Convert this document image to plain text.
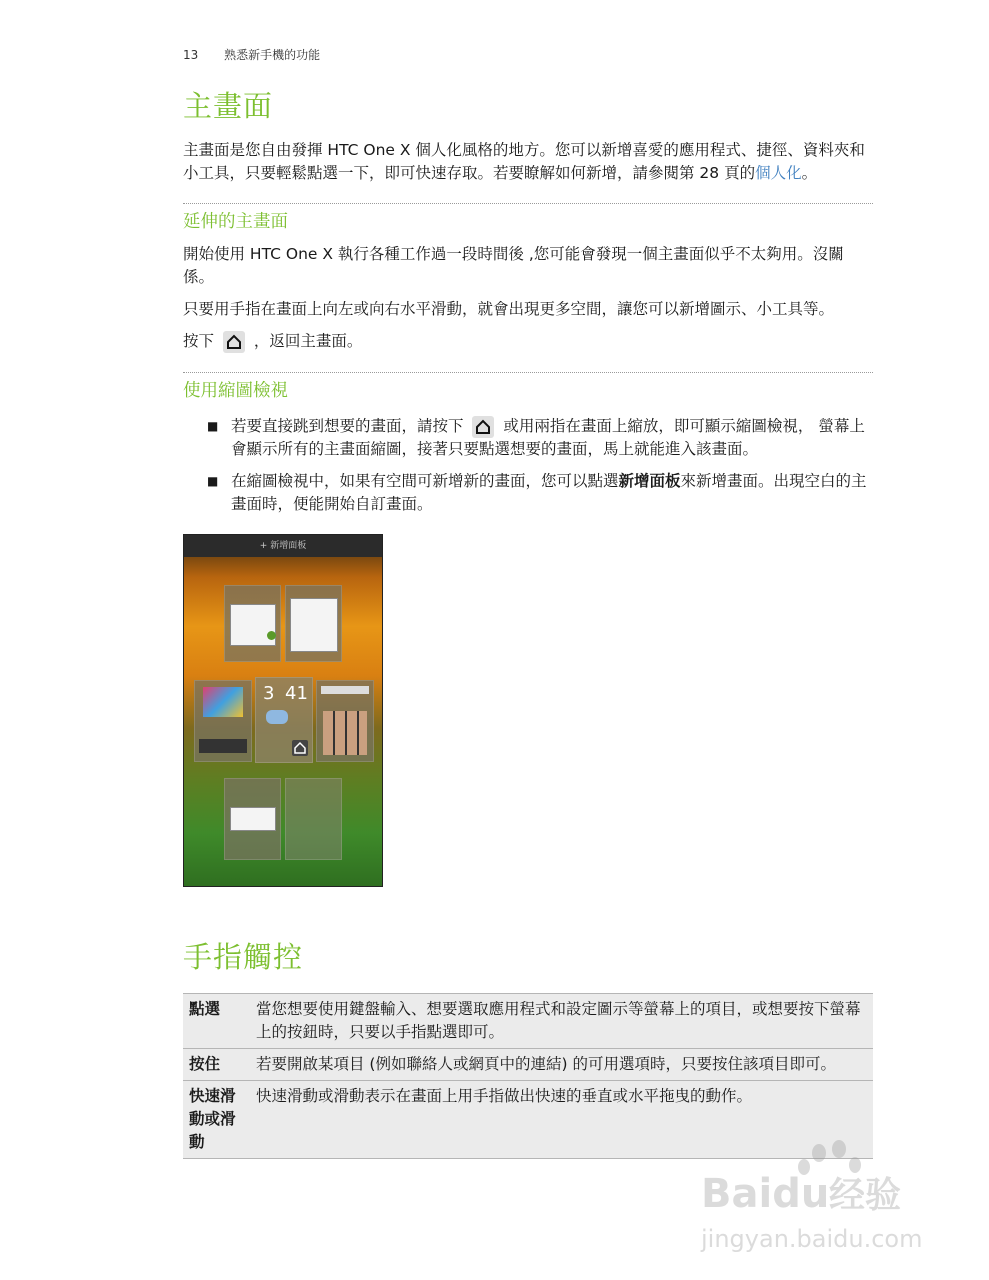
13 熟悉新手機的功能
主畫面
主畫面是您自由發揮 HTC One X 個人化風格的地方。您可以新增喜愛的應用程式、捷徑、資料夾和小工具，只要輕鬆點選一下，即可快速存取。若要瞭解如何新增，請參閱第 28 頁的個人化。
延伸的主畫面
開始使用 HTC One X 執行各種工作過一段時間後 ,您可能會發現一個主畫面似乎不太夠用。沒關係。
只要用手指在畫面上向左或向右水平滑動，就會出現更多空間，讓您可以新增圖示、小工具等。
按下	，返回主畫面。
使用縮圖檢視
■ 若要直接跳到想要的畫面，請按下	或用兩指在畫面上縮放，即可顯示縮圖檢視， 螢幕上會顯示所有的主畫面縮圖，接著只要點選想要的畫面，馬上就能進入該畫面。
■ 在縮圖檢視中，如果有空間可新增新的畫面，您可以點選新增面板來新增畫面。出現空白的主畫面時，便能開始自訂畫面。
+ 新增面板
3 41
手指觸控
點選	當您想要使用鍵盤輸入、想要選取應用程式和設定圖示等螢幕上的項目，或想要按下螢幕上的按鈕時，只要以手指點選即可。
按住	若要開啟某項目 (例如聯絡人或網頁中的連結) 的可用選項時，只要按住該項目即可。
快速滑動或滑動	快速滑動或滑動表示在畫面上用手指做出快速的垂直或水平拖曳的動作。
Baidu 经验
jingyan.baidu.com
